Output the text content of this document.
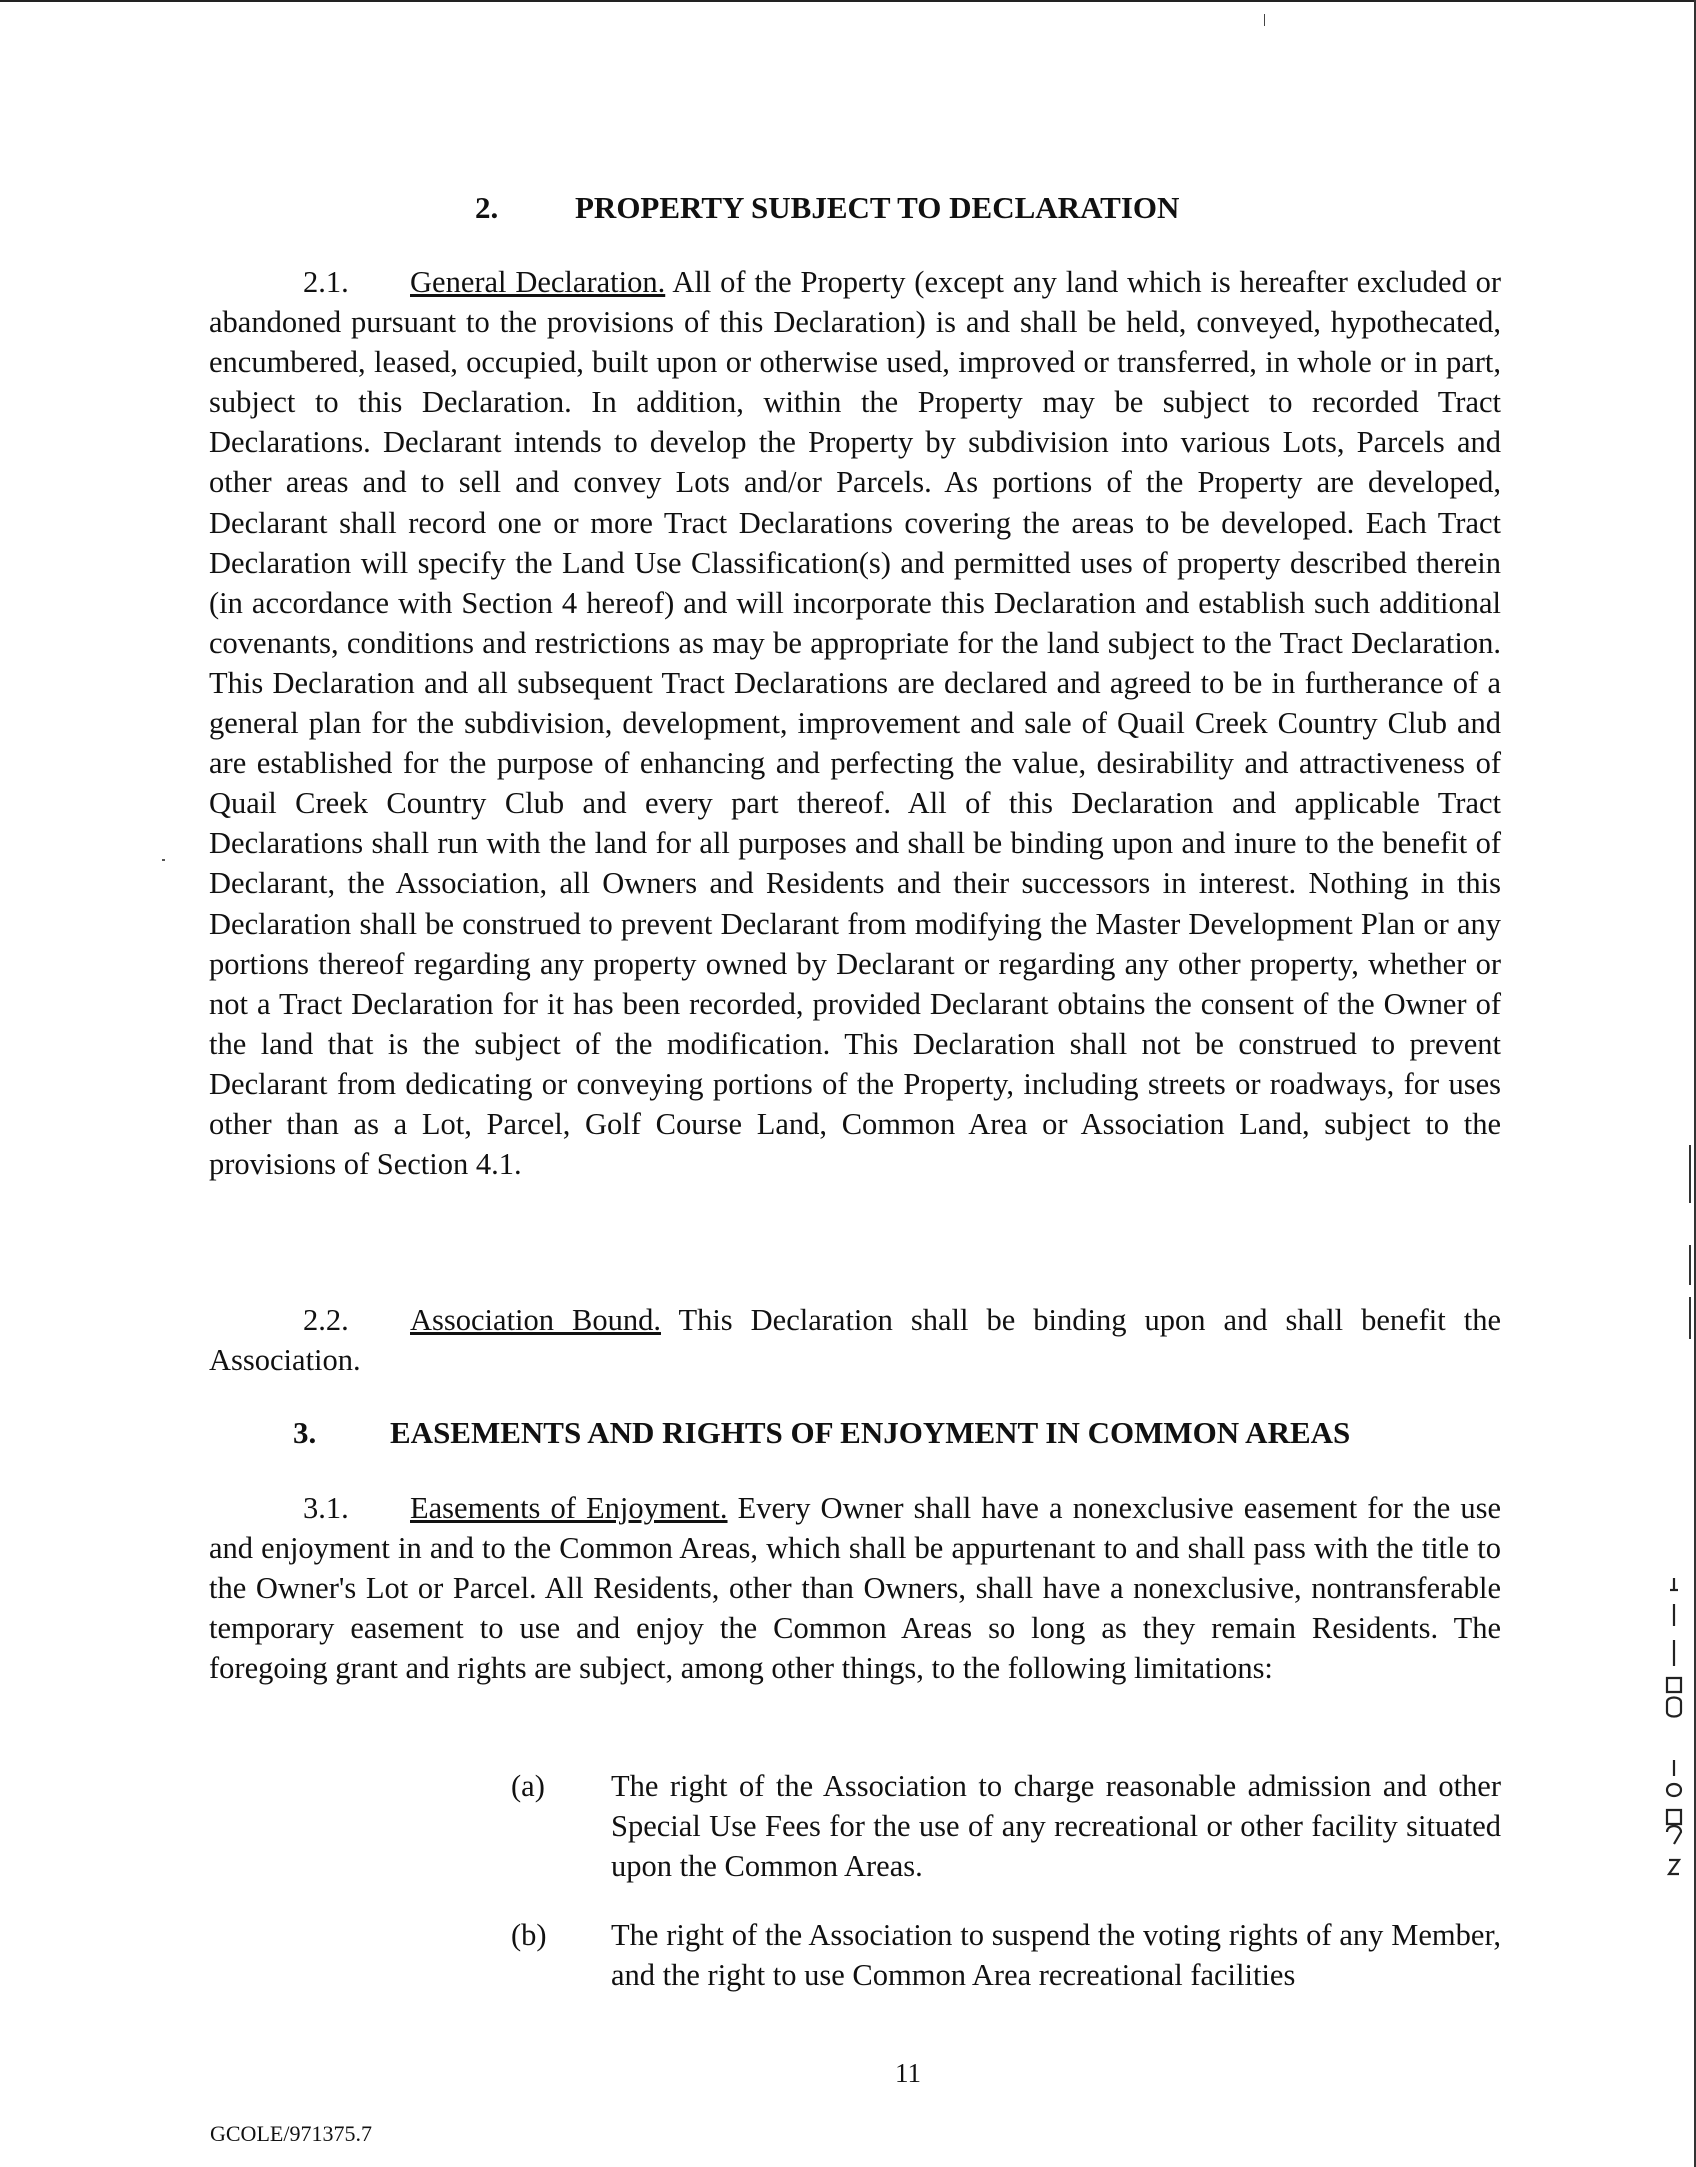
2. PROPERTY SUBJECT TO DECLARATION

2.1. General Declaration. All of the Property (except any land which is hereafter excluded or abandoned pursuant to the provisions of this Declaration) is and shall be held, conveyed, hypothecated, encumbered, leased, occupied, built upon or otherwise used, improved or transferred, in whole or in part, subject to this Declaration. In addition, within the Property may be subject to recorded Tract Declarations. Declarant intends to develop the Property by subdivision into various Lots, Parcels and other areas and to sell and convey Lots and/or Parcels. As portions of the Property are developed, Declarant shall record one or more Tract Declarations covering the areas to be developed. Each Tract Declaration will specify the Land Use Classification(s) and permitted uses of property described therein (in accordance with Section 4 hereof) and will incorporate this Declaration and establish such additional covenants, conditions and restrictions as may be appropriate for the land subject to the Tract Declaration. This Declaration and all subsequent Tract Declarations are declared and agreed to be in furtherance of a general plan for the subdivision, development, improvement and sale of Quail Creek Country Club and are established for the purpose of enhancing and perfecting the value, desirability and attractiveness of Quail Creek Country Club and every part thereof. All of this Declaration and applicable Tract Declarations shall run with the land for all purposes and shall be binding upon and inure to the benefit of Declarant, the Association, all Owners and Residents and their successors in interest. Nothing in this Declaration shall be construed to prevent Declarant from modifying the Master Development Plan or any portions thereof regarding any property owned by Declarant or regarding any other property, whether or not a Tract Declaration for it has been recorded, provided Declarant obtains the consent of the Owner of the land that is the subject of the modification. This Declaration shall not be construed to prevent Declarant from dedicating or conveying portions of the Property, including streets or roadways, for uses other than as a Lot, Parcel, Golf Course Land, Common Area or Association Land, subject to the provisions of Section 4.1.

2.2. Association Bound. This Declaration shall be binding upon and shall benefit the Association.

3. EASEMENTS AND RIGHTS OF ENJOYMENT IN COMMON AREAS

3.1. Easements of Enjoyment. Every Owner shall have a nonexclusive easement for the use and enjoyment in and to the Common Areas, which shall be appurtenant to and shall pass with the title to the Owner's Lot or Parcel. All Residents, other than Owners, shall have a nonexclusive, nontransferable temporary easement to use and enjoy the Common Areas so long as they remain Residents. The foregoing grant and rights are subject, among other things, to the following limitations:

(a) The right of the Association to charge reasonable admission and other Special Use Fees for the use of any recreational or other facility situated upon the Common Areas.

(b) The right of the Association to suspend the voting rights of any Member, and the right to use Common Area recreational facilities

11
GCOLE/971375.7
